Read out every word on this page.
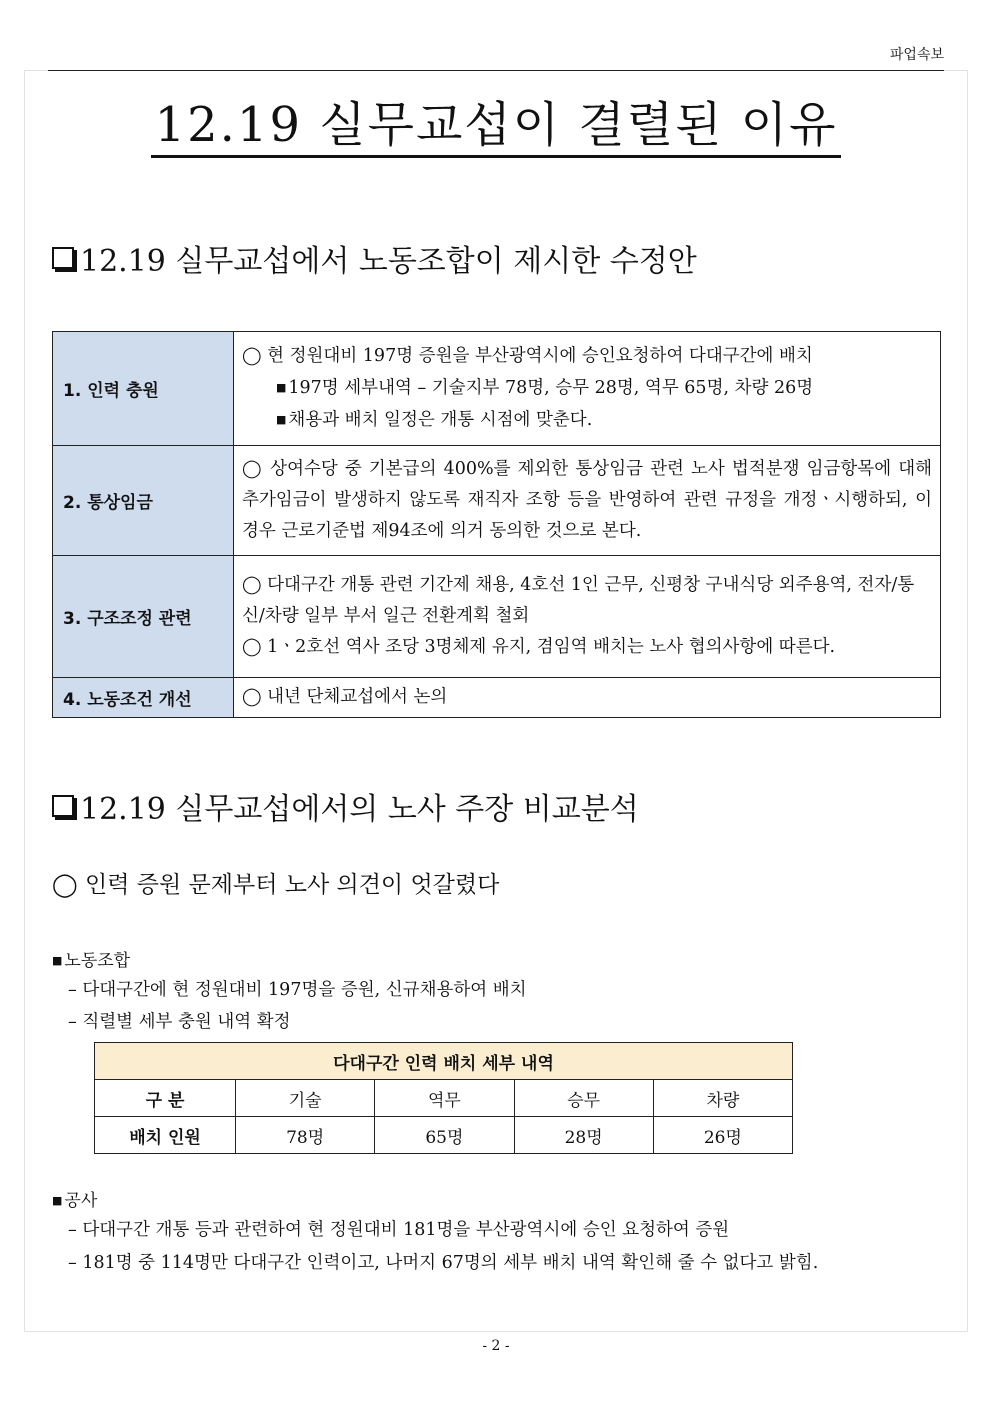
파업속보
12.19 실무교섭이 결렬된 이유
12.19 실무교섭에서 노동조합이 제시한 수정안
1. 인력 충원	◯ 현 정원대비 197명 증원을 부산광역시에 승인요청하여 다대구간에 배치
■ 197명 세부내역 – 기술지부 78명, 승무 28명, 역무 65명, 차량 26명
■ 채용과 배치 일정은 개통 시점에 맞춘다.

2. 통상임금	◯ 상여수당 중 기본급의 400%를 제외한 통상임금 관련 노사 법적분쟁 임금항목에 대해 추가임금이 발생하지 않도록 재직자 조항 등을 반영하여 관련 규정을 개정ㆍ시행하되, 이 경우 근로기준법 제94조에 의거 동의한 것으로 본다.

3. 구조조정 관련	◯ 다대구간 개통 관련 기간제 채용, 4호선 1인 근무, 신평창 구내식당 외주용역, 전자/통신/차량 일부 부서 일근 전환계획 철회
◯ 1ㆍ2호선 역사 조당 3명체제 유지, 겸임역 배치는 노사 협의사항에 따른다.

4. 노동조건 개선	◯ 내년 단체교섭에서 논의
12.19 실무교섭에서의 노사 주장 비교분석
◯ 인력 증원 문제부터 노사 의견이 엇갈렸다
■ 노동조합
– 다대구간에 현 정원대비 197명을 증원, 신규채용하여 배치
– 직렬별 세부 충원 내역 확정
다대구간 인력 배치 세부 내역				
구 분	기술	역무	승무	차량
배치 인원	78명	65명	28명	26명
■ 공사
– 다대구간 개통 등과 관련하여 현 정원대비 181명을 부산광역시에 승인 요청하여 증원
– 181명 중 114명만 다대구간 인력이고, 나머지 67명의 세부 배치 내역 확인해 줄 수 없다고 밝힘.
- 2 -
